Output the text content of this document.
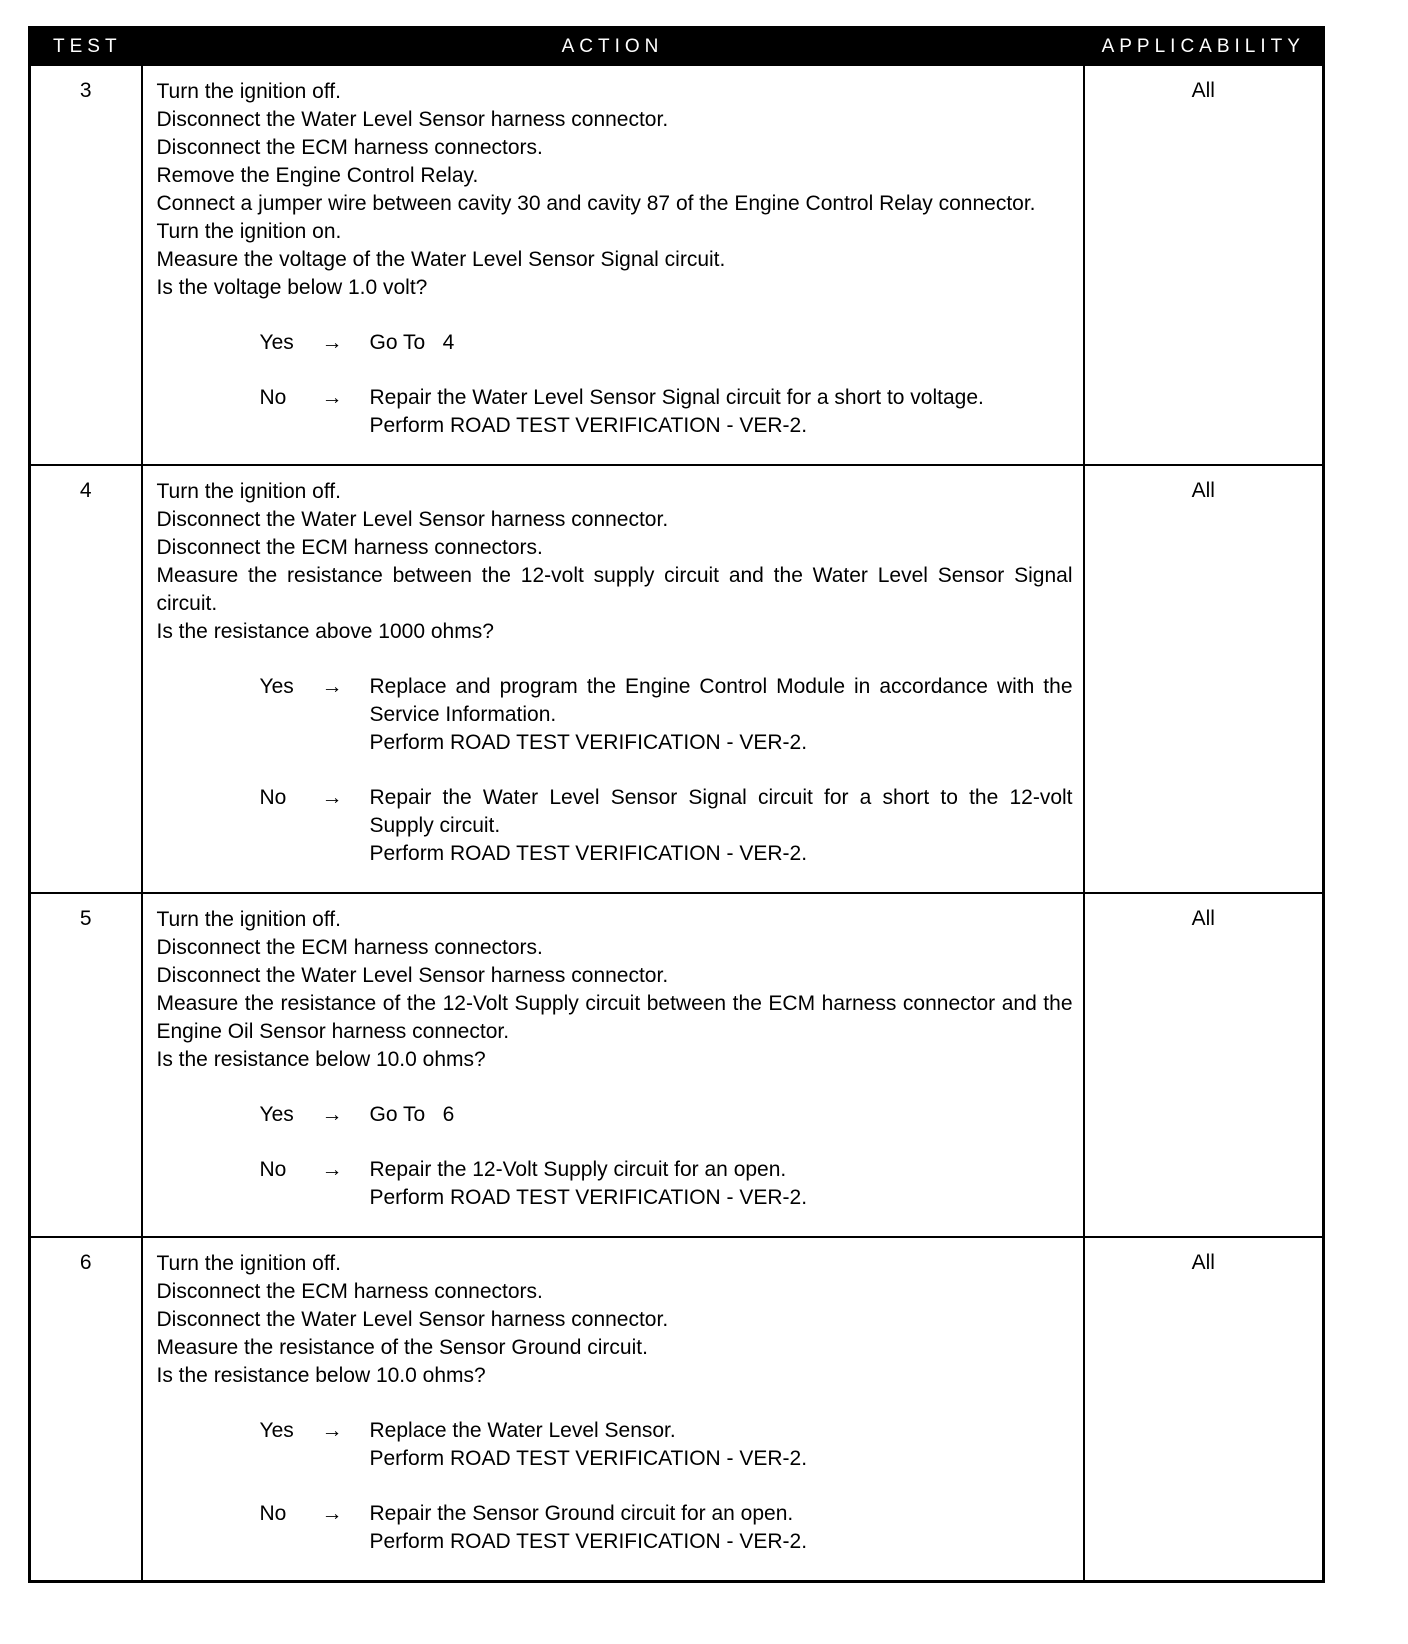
TEST	ACTION	APPLICABILITY
3	Turn the ignition off.
Disconnect the Water Level Sensor harness connector.
Disconnect the ECM harness connectors.
Remove the Engine Control Relay.
Connect a jumper wire between cavity 30 and cavity 87 of the Engine Control Relay connector.
Turn the ignition on.
Measure the voltage of the Water Level Sensor Signal circuit.
Is the voltage below 1.0 volt?
Yes	→	Go To   4
No	→	Repair the Water Level Sensor Signal circuit for a short to voltage.
Perform ROAD TEST VERIFICATION - VER-2.
	All
4	Turn the ignition off.
Disconnect the Water Level Sensor harness connector.
Disconnect the ECM harness connectors.
Measure the resistance between the 12-volt supply circuit and the Water Level Sensor Signal circuit.
Is the resistance above 1000 ohms?
Yes	→	Replace and program the Engine Control Module in accordance with the Service Information.
Perform ROAD TEST VERIFICATION - VER-2.
No	→	Repair the Water Level Sensor Signal circuit for a short to the 12-volt Supply circuit.
Perform ROAD TEST VERIFICATION - VER-2.
	All
5	Turn the ignition off.
Disconnect the ECM harness connectors.
Disconnect the Water Level Sensor harness connector.
Measure the resistance of the 12-Volt Supply circuit between the ECM harness connector and the Engine Oil Sensor harness connector.
Is the resistance below 10.0 ohms?
Yes	→	Go To   6
No	→	Repair the 12-Volt Supply circuit for an open.
Perform ROAD TEST VERIFICATION - VER-2.
	All
6	Turn the ignition off.
Disconnect the ECM harness connectors.
Disconnect the Water Level Sensor harness connector.
Measure the resistance of the Sensor Ground circuit.
Is the resistance below 10.0 ohms?
Yes	→	Replace the Water Level Sensor.
Perform ROAD TEST VERIFICATION - VER-2.
No	→	Repair the Sensor Ground circuit for an open.
Perform ROAD TEST VERIFICATION - VER-2.
	All
